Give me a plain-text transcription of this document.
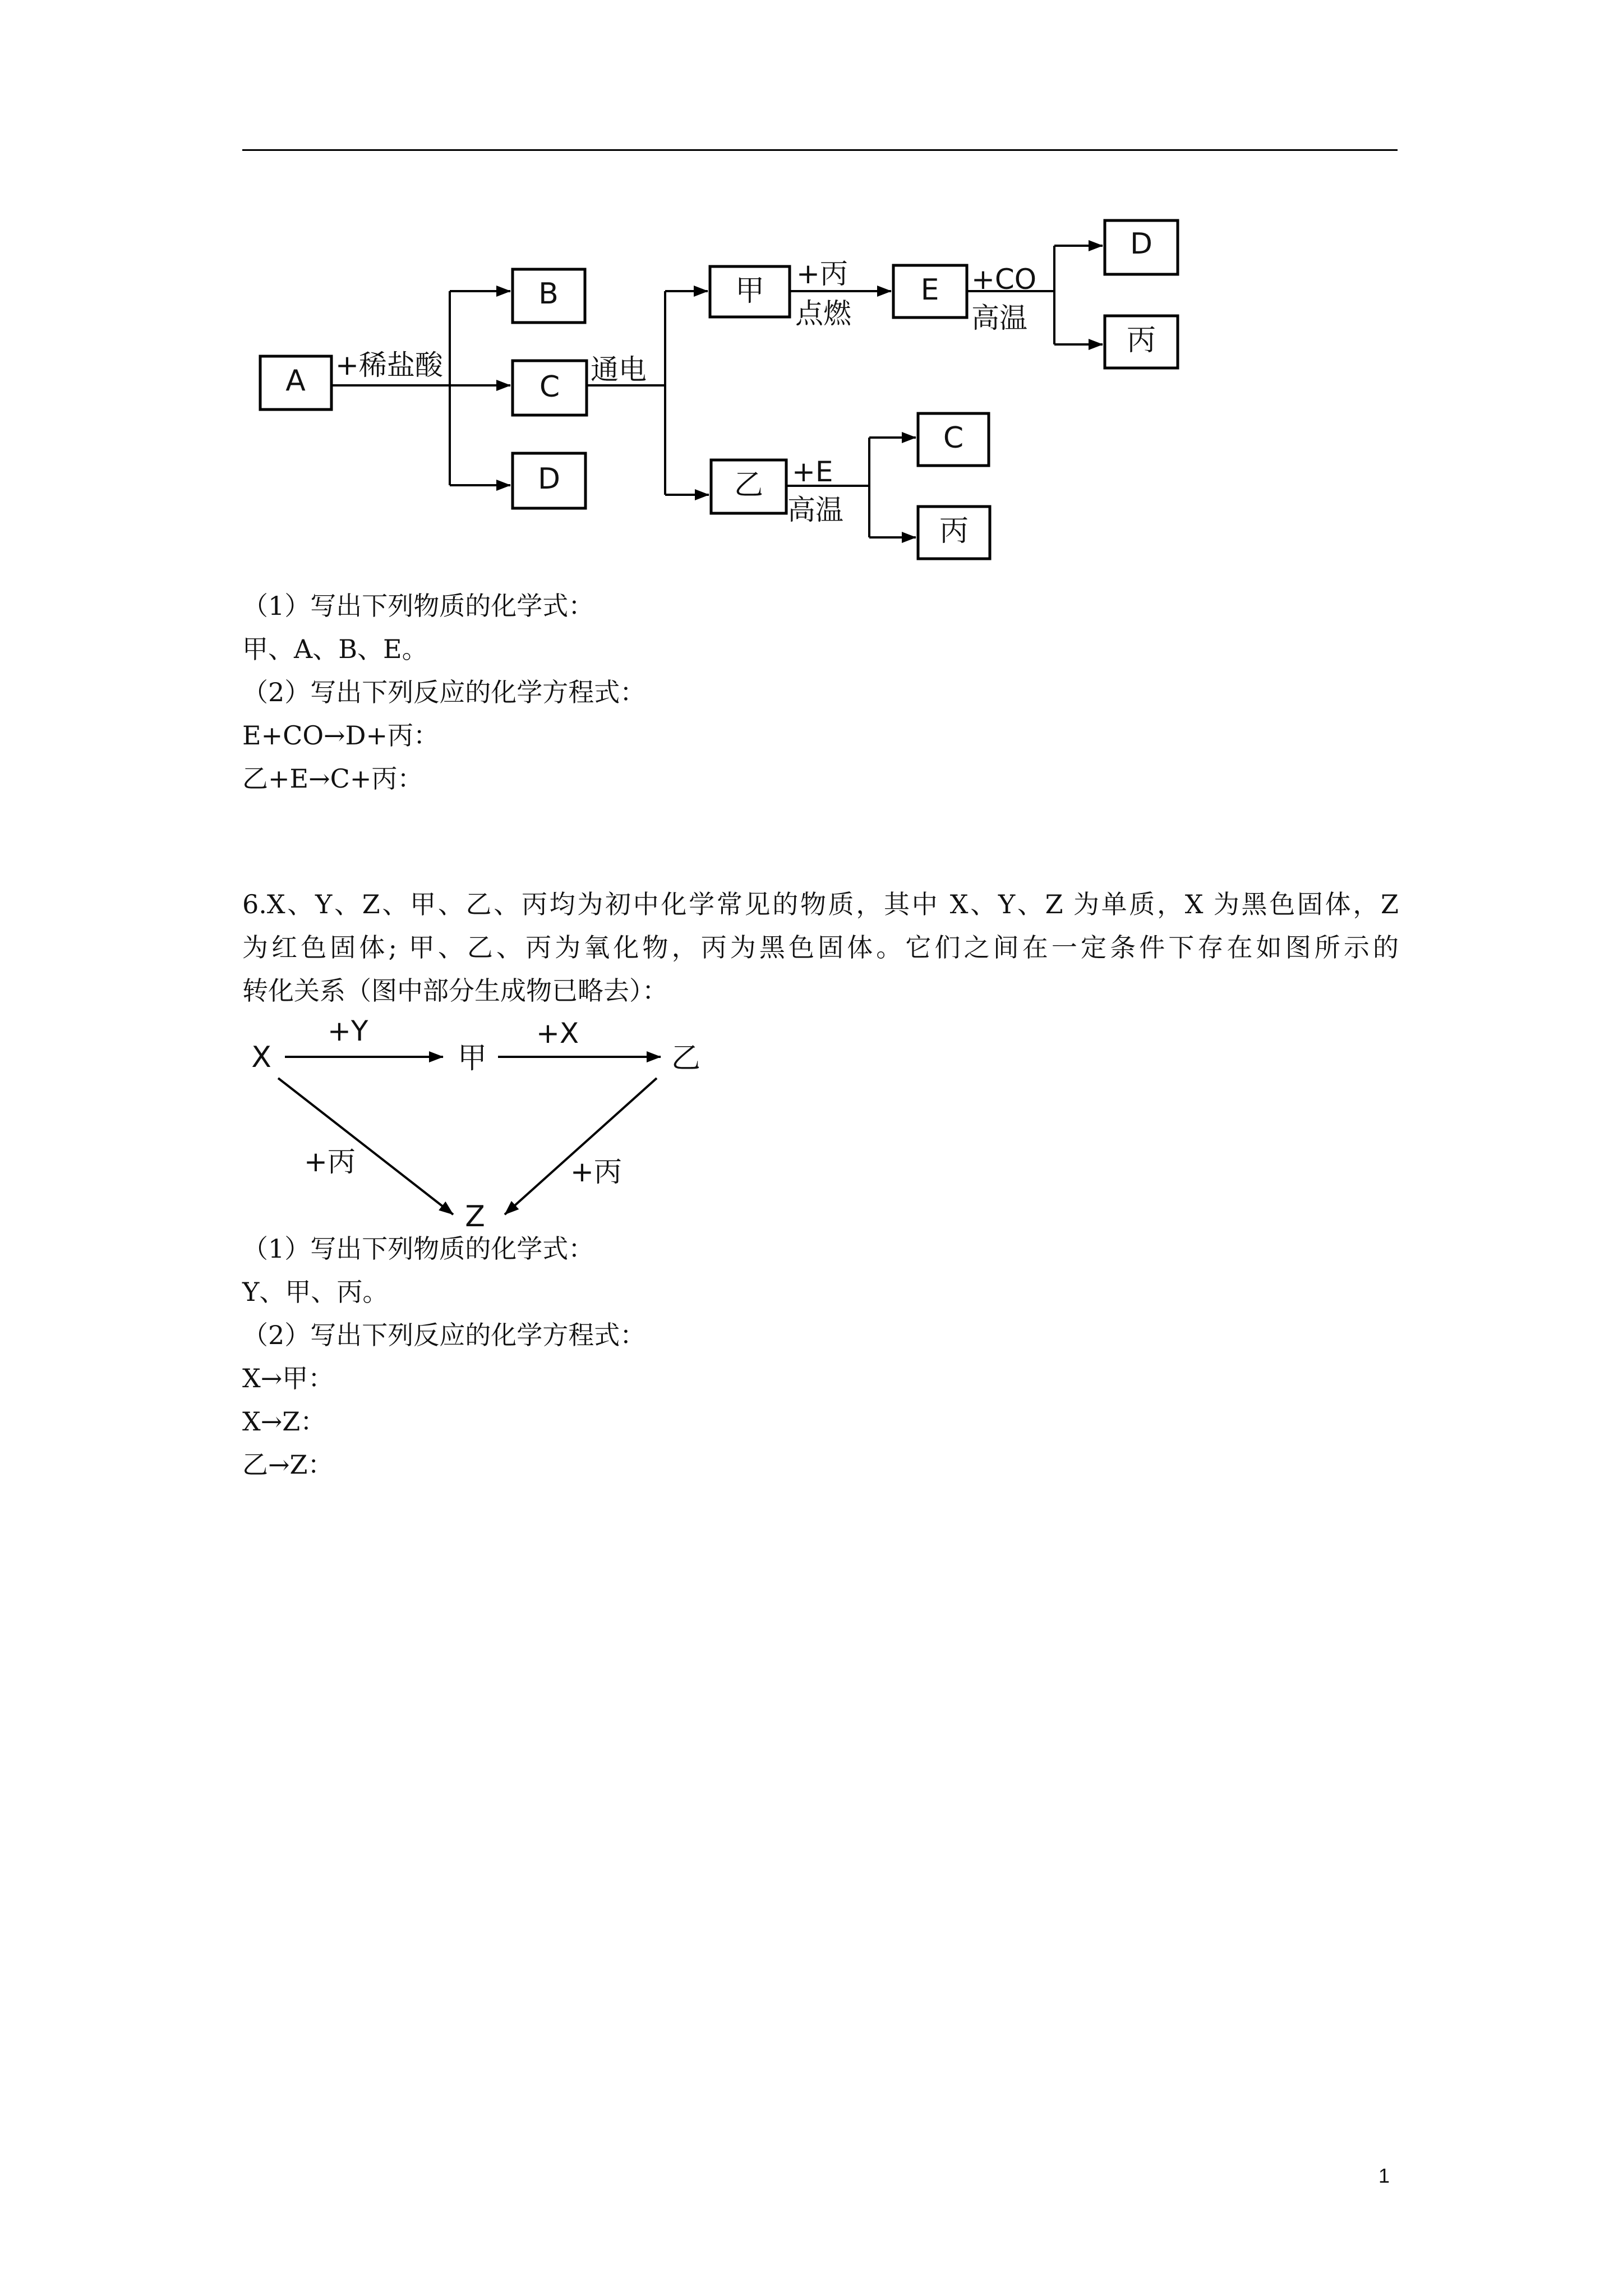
A
B
C
D
甲	E
D
丙
乙
C
丙
+稀盐酸	通电
+丙
点燃
+CO
高温
+E
高温
（1）写出下列物质的化学式：
甲、A、B、E。
（2）写出下列反应的化学方程式：
E+CO→D+丙：
乙+E→C+丙：
6.X、Y、Z、甲、乙、丙均为初中化学常见的物质，其中 X、Y、Z 为单质，X 为黑色固体，Z
为红色固体; 甲、乙、丙为氧化物，丙为黑色固体。它们之间在一定条件下存在如图所示的
转化关系（图中部分生成物已略去）：
X	甲	乙
Z
+Y	+X
+丙	+丙
（1）写出下列物质的化学式：
Y、甲、丙。
（2）写出下列反应的化学方程式：
X→甲：
X→Z：
乙→Z：
1
